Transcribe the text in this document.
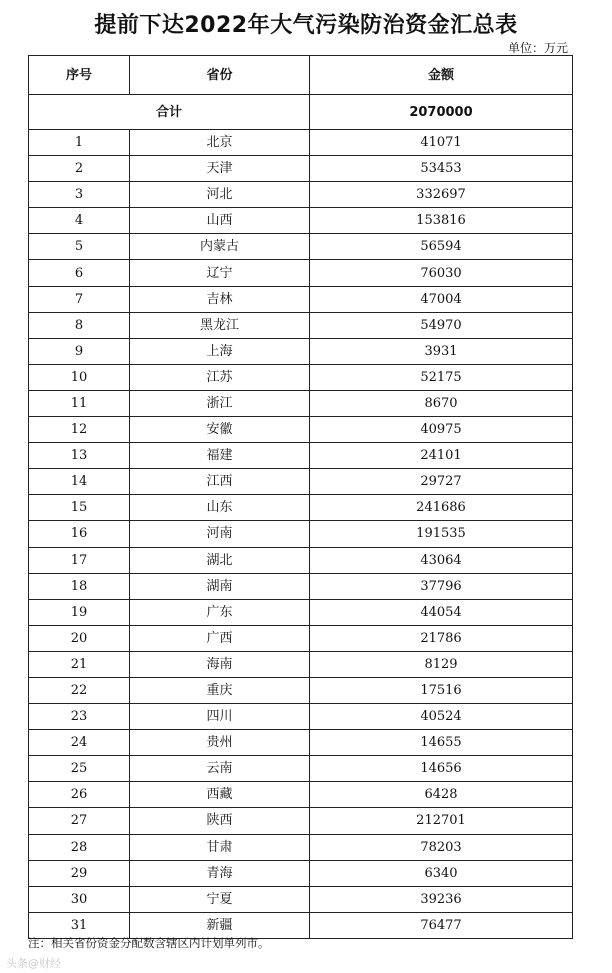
提前下达2022年大气污染防治资金汇总表
单位：万元
序号	省份	金额
合计		2070000
1	北京	41071
2	天津	53453
3	河北	332697
4	山西	153816
5	内蒙古	56594
6	辽宁	76030
7	吉林	47004
8	黑龙江	54970
9	上海	3931
10	江苏	52175
11	浙江	8670
12	安徽	40975
13	福建	24101
14	江西	29727
15	山东	241686
16	河南	191535
17	湖北	43064
18	湖南	37796
19	广东	44054
20	广西	21786
21	海南	8129
22	重庆	17516
23	四川	40524
24	贵州	14655
25	云南	14656
26	西藏	6428
27	陕西	212701
28	甘肃	78203
29	青海	6340
30	宁夏	39236
31	新疆	76477
注：相关省份资金分配数含辖区内计划单列市。
头条@财经
